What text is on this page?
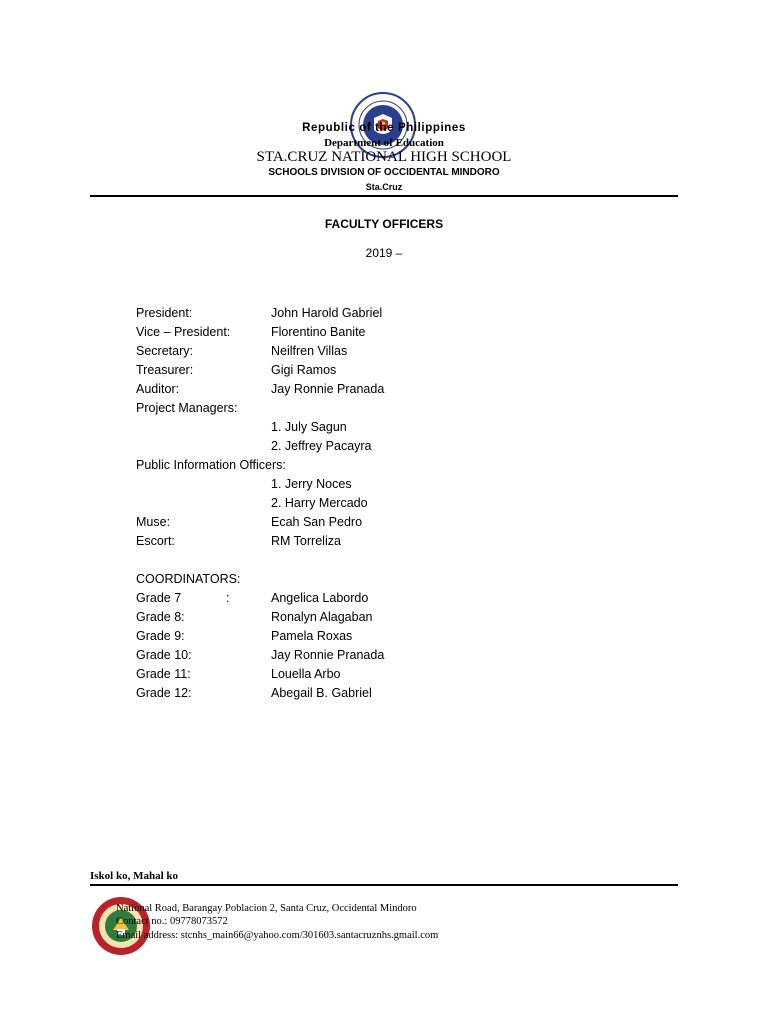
Republic of the Philippines
Department of Education
STA.CRUZ NATIONAL HIGH SCHOOL
SCHOOLS DIVISION OF OCCIDENTAL MINDORO
Sta.Cruz
FACULTY OFFICERS
2019 –
President:	John Harold Gabriel
Vice – President:	Florentino Banite
Secretary:	Neilfren Villas
Treasurer:	Gigi Ramos
Auditor:	Jay Ronnie Pranada
Project Managers:
1. July Sagun
2. Jeffrey Pacayra
Public Information Officers:
1. Jerry Noces
2. Harry Mercado
Muse:	Ecah San Pedro
Escort:	RM Torreliza
COORDINATORS:
Grade 7	:	Angelica Labordo
Grade 8:	Ronalyn Alagaban
Grade 9:	Pamela Roxas
Grade 10:	Jay Ronnie Pranada
Grade 11:	Louella Arbo
Grade 12:	Abegail B. Gabriel
Iskol ko, Mahal ko
National Road, Barangay Poblacion 2, Santa Cruz, Occidental Mindoro
Contact no.: 09778073572
Email address: stcnhs_main66@yahoo.com/301603.santacruznhs.gmail.com
